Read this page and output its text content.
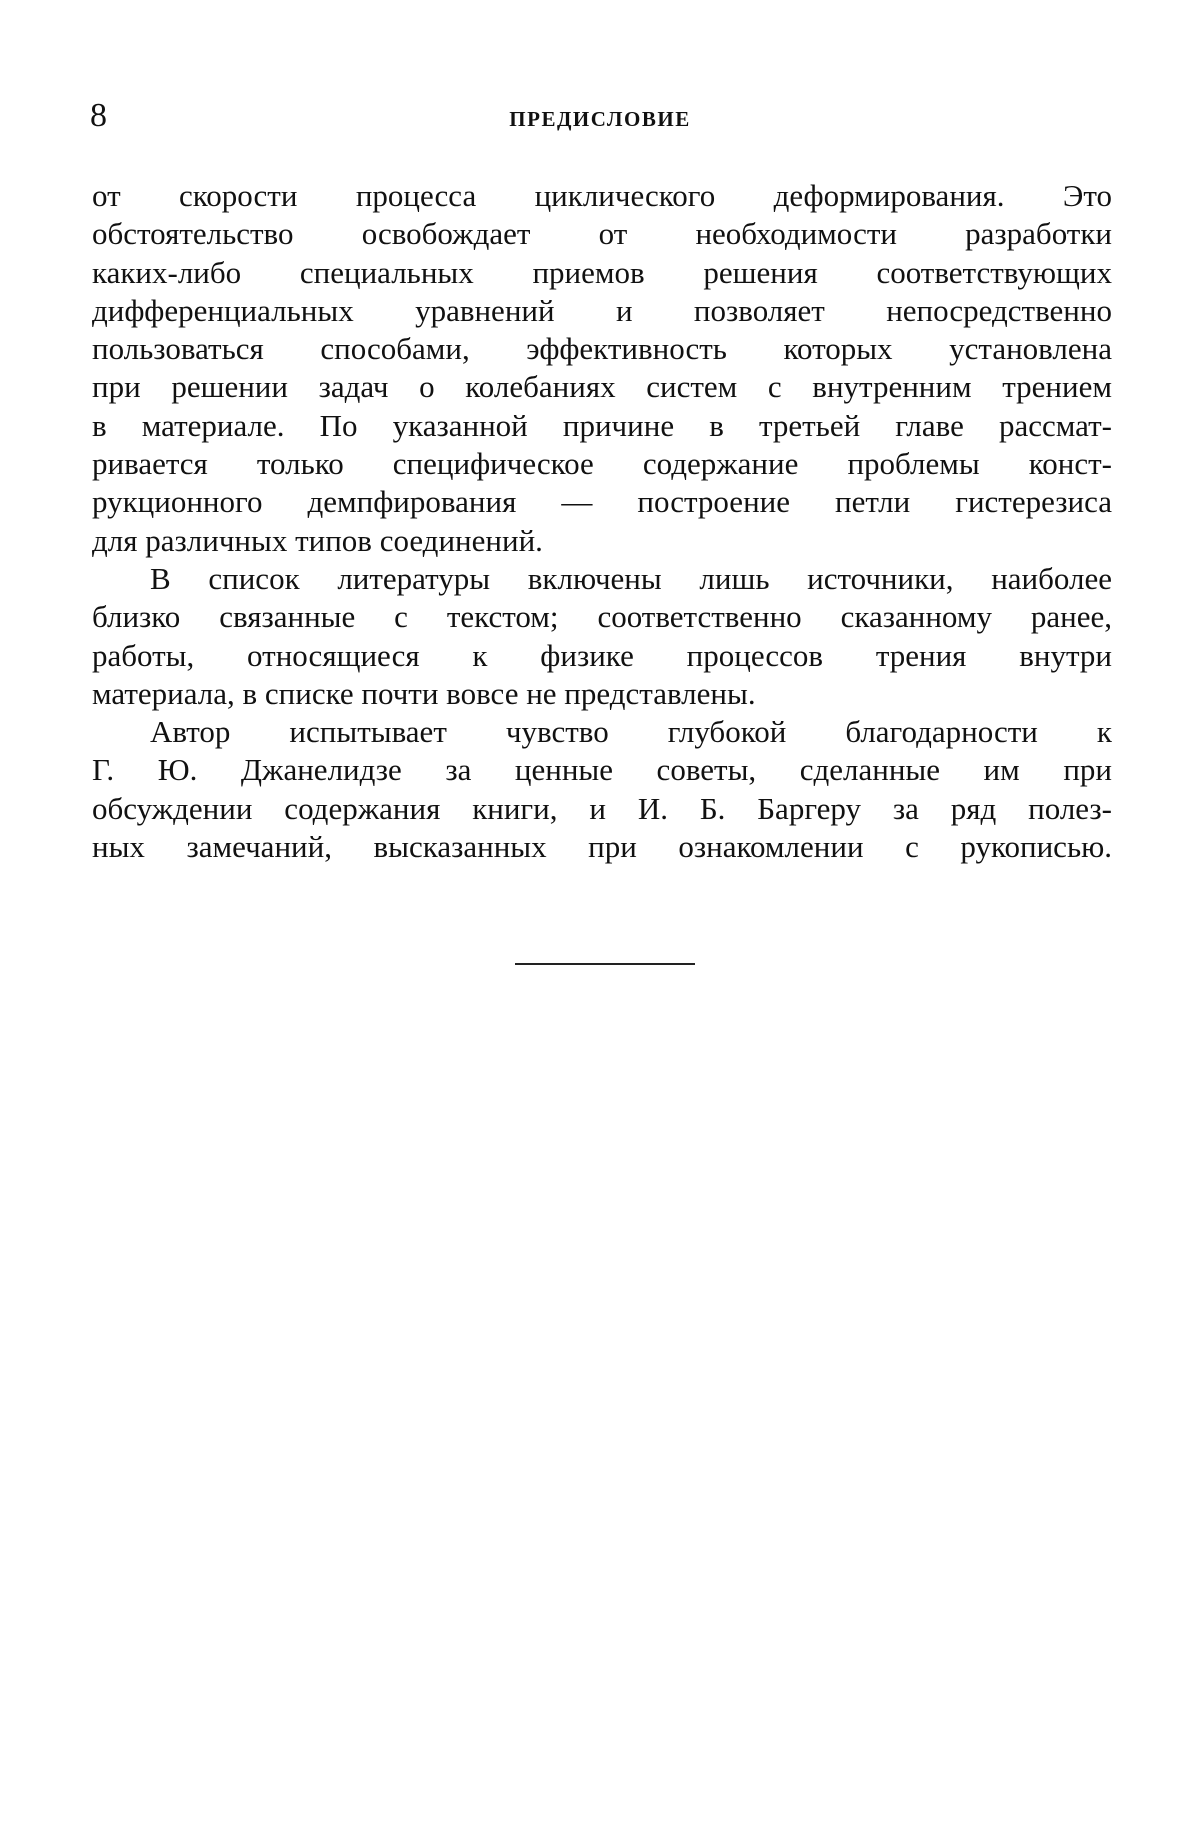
8	ПРЕДИСЛОВИЕ
от скорости процесса циклического деформирования. Это
обстоятельство освобождает от необходимости разработки
каких-либо специальных приемов решения соответствующих
дифференциальных уравнений и позволяет непосредственно
пользоваться способами, эффективность которых установлена
при решении задач о колебаниях систем с внутренним трением
в материале. По указанной причине в третьей главе рассмат-
ривается только специфическое содержание проблемы конст-
рукционного демпфирования — построение петли гистерезиса
для различных типов соединений.
В список литературы включены лишь источники, наиболее
близко связанные с текстом; соответственно сказанному ранее,
работы, относящиеся к физике процессов трения внутри
материала, в списке почти вовсе не представлены.
Автор испытывает чувство глубокой благодарности к
Г. Ю. Джанелидзе за ценные советы, сделанные им при
обсуждении содержания книги, и И. Б. Баргеру за ряд полез-
ных замечаний, высказанных при ознакомлении с рукописью.
